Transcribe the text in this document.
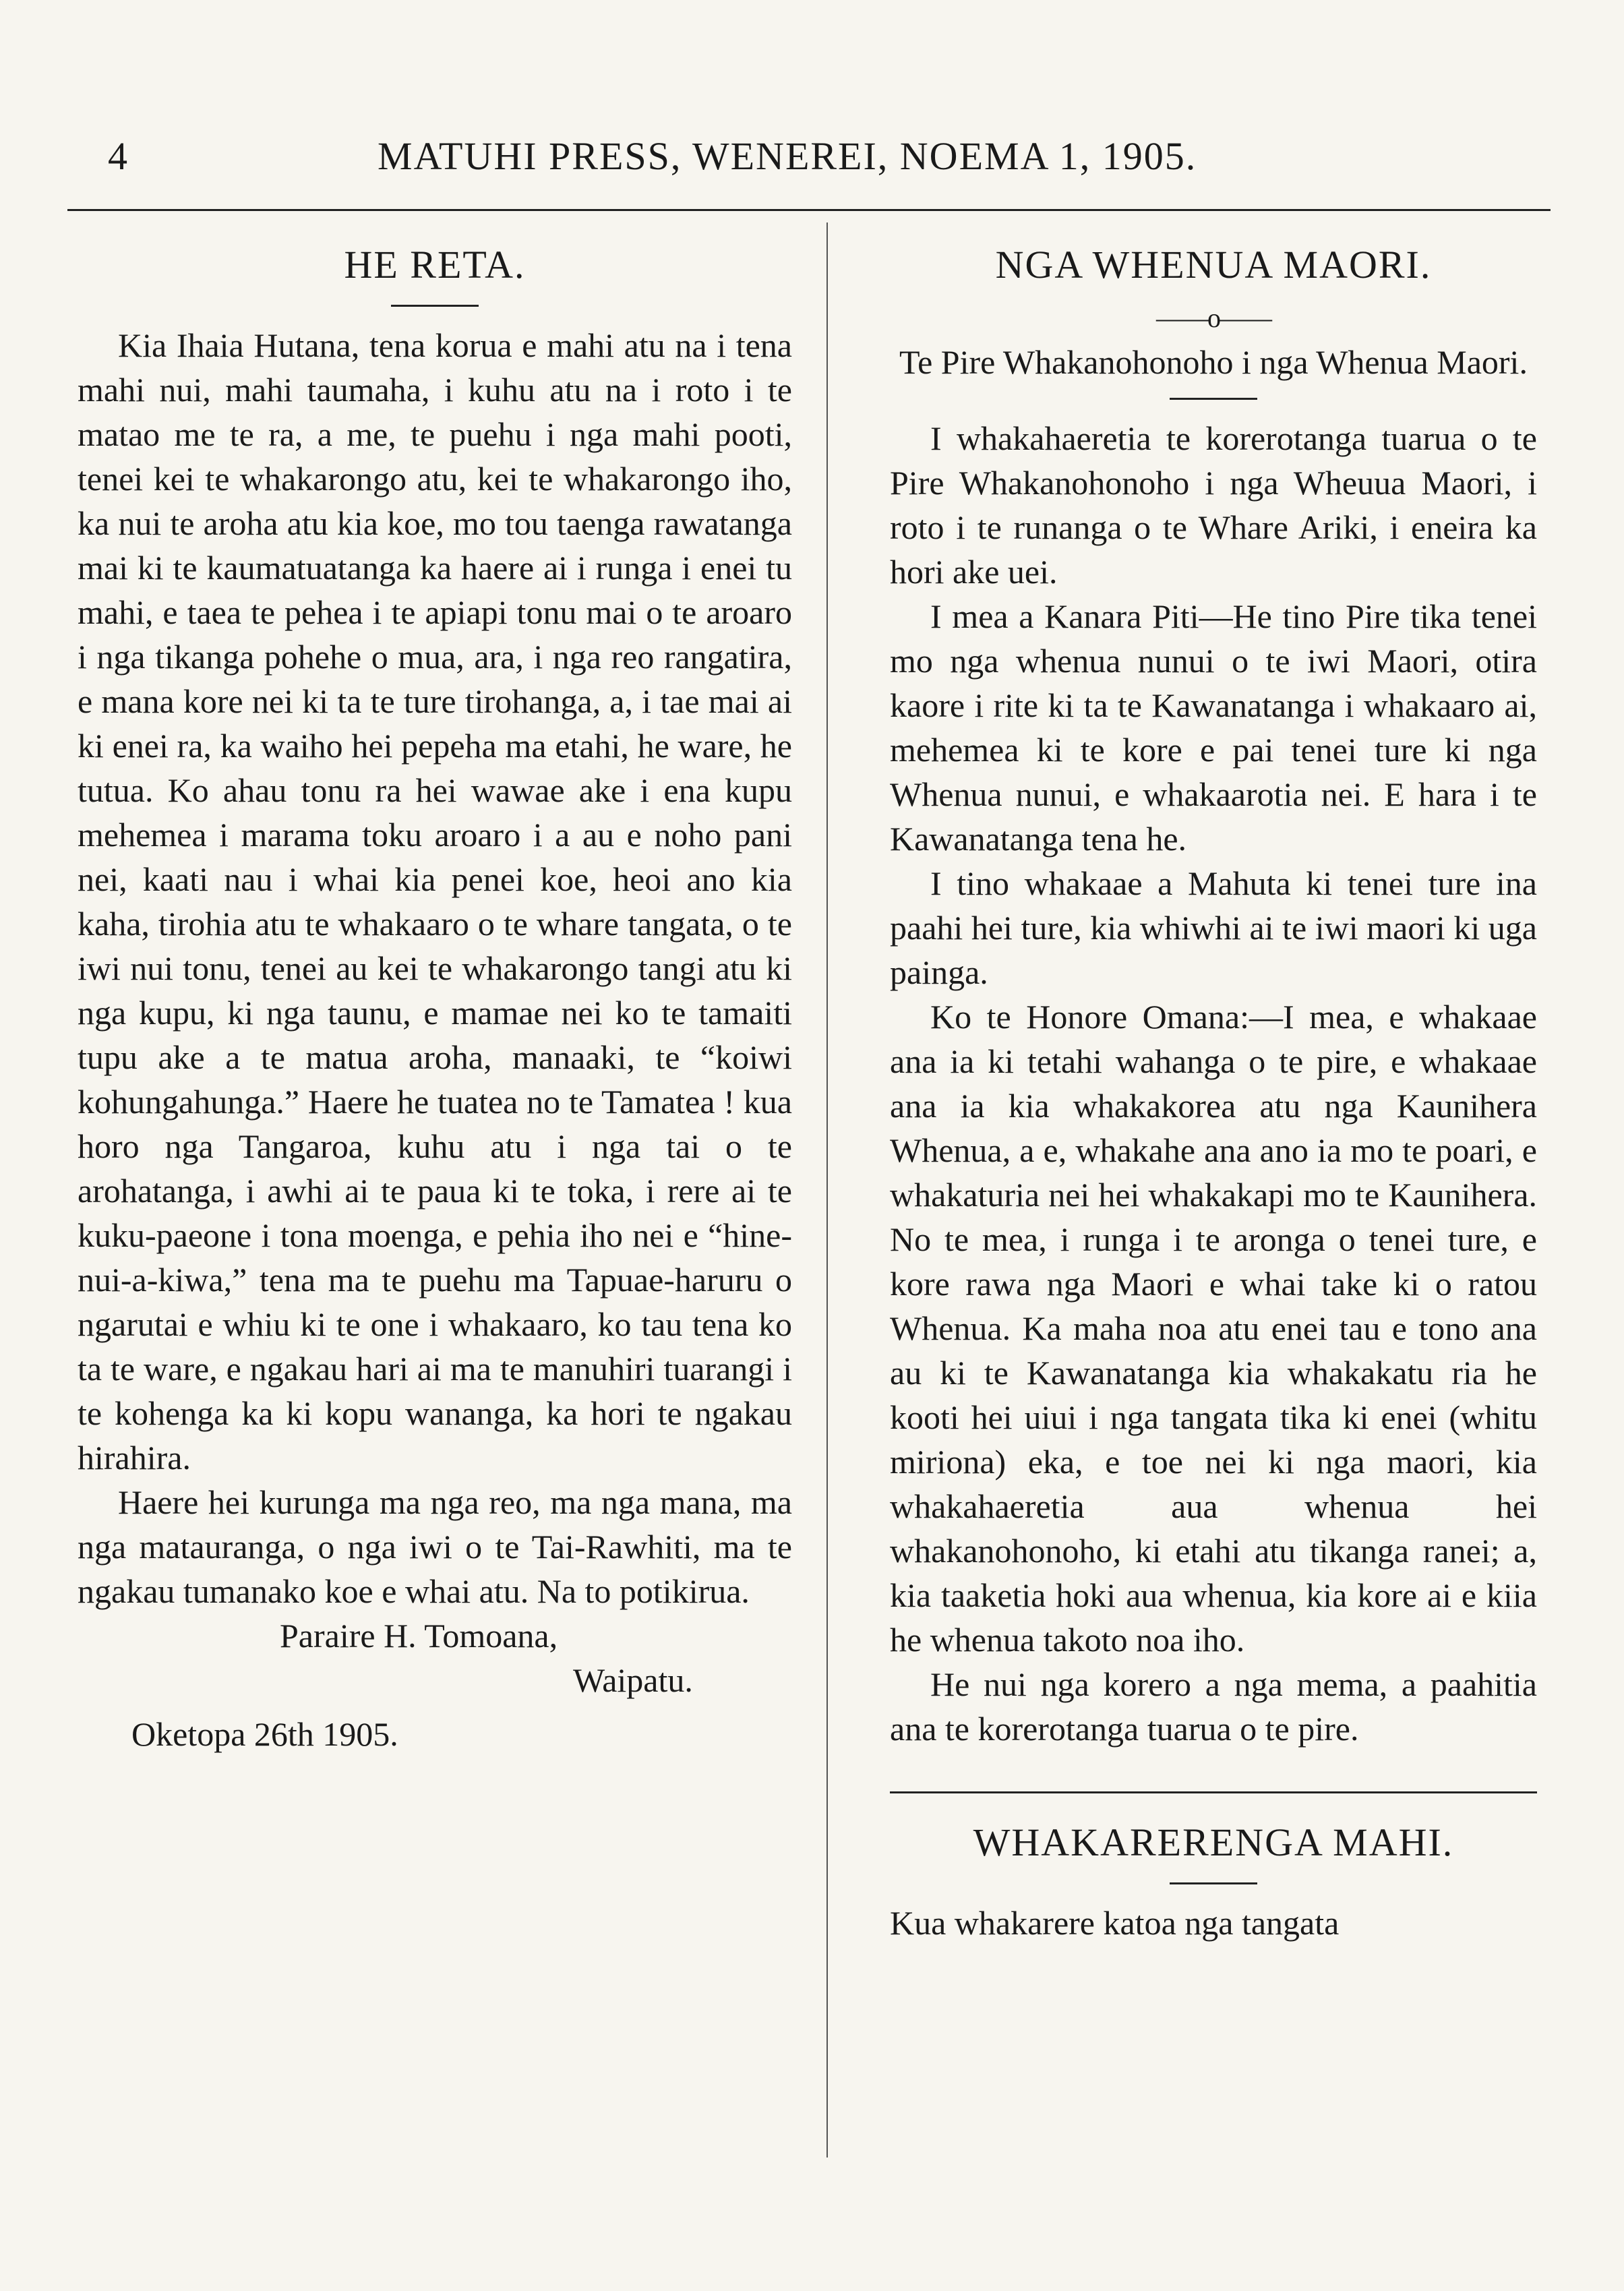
4	MATUHI PRESS, WENEREI, NOEMA 1, 1905.
HE RETA.

Kia Ihaia Hutana, tena korua e mahi atu na i tena mahi nui, mahi taumaha, i kuhu atu na i roto i te matao me te ra, a me, te puehu i nga mahi pooti, tenei kei te whakarongo atu, kei te whakarongo iho, ka nui te aroha atu kia koe, mo tou taenga rawatanga mai ki te kaumatuatanga ka haere ai i runga i enei tu mahi, e taea te pehea i te apiapi tonu mai o te aroaro i nga tikanga pohehe o mua, ara, i nga reo rangatira, e mana kore nei ki ta te ture tirohanga, a, i tae mai ai ki enei ra, ka waiho hei pepeha ma etahi, he ware, he tutua. Ko ahau tonu ra hei wawae ake i ena kupu mehemea i marama toku aroaro i a au e noho pani nei, kaati nau i whai kia penei koe, heoi ano kia kaha, tirohia atu te whakaaro o te whare tangata, o te iwi nui tonu, tenei au kei te whakarongo tangi atu ki nga kupu, ki nga taunu, e mamae nei ko te tamaiti tupu ake a te matua aroha, manaaki, te “koiwi kohungahunga.” Haere he tuatea no te Tamatea ! kua horo nga Tangaroa, kuhu atu i nga tai o te arohatanga, i awhi ai te paua ki te toka, i rere ai te kuku-paeone i tona moenga, e pehia iho nei e “hine-nui-a-kiwa,” tena ma te puehu ma Tapuae-haruru o ngarutai e whiu ki te one i whakaaro, ko tau tena ko ta te ware, e ngakau hari ai ma te manuhiri tuarangi i te kohenga ka ki kopu wananga, ka hori te ngakau hirahira.

Haere hei kurunga ma nga reo, ma nga mana, ma nga matauranga, o nga iwi o te Tai-Rawhiti, ma te ngakau tumanako koe e whai atu. Na to potikirua.

Paraire H. Tomoana,
Waipatu.
Oketopa 26th 1905.
NGA WHENUA MAORI.
——o——
Te Pire Whakanohonoho i nga Whenua Maori.

I whakahaeretia te korerotanga tuarua o te Pire Whakanohonoho i nga Wheuua Maori, i roto i te runanga o te Whare Ariki, i eneira ka hori ake uei.

I mea a Kanara Piti—He tino Pire tika tenei mo nga whenua nunui o te iwi Maori, otira kaore i rite ki ta te Kawanatanga i whakaaro ai, mehemea ki te kore e pai tenei ture ki nga Whenua nunui, e whakaarotia nei. E hara i te Kawanatanga tena he.

I tino whakaae a Mahuta ki tenei ture ina paahi hei ture, kia whiwhi ai te iwi maori ki uga painga.

Ko te Honore Omana:—I mea, e whakaae ana ia ki tetahi wahanga o te pire, e whakaae ana ia kia whakakorea atu nga Kaunihera Whenua, a e, whakahe ana ano ia mo te poari, e whakaturia nei hei whakakapi mo te Kaunihera. No te mea, i runga i te aronga o tenei ture, e kore rawa nga Maori e whai take ki o ratou Whenua. Ka maha noa atu enei tau e tono ana au ki te Kawanatanga kia whakakatu ria he kooti hei uiui i nga tangata tika ki enei (whitu miriona) eka, e toe nei ki nga maori, kia whakahaeretia aua whenua hei whakanohonoho, ki etahi atu tikanga ranei; a, kia taaketia hoki aua whenua, kia kore ai e kiia he whenua takoto noa iho.

He nui nga korero a nga mema, a paahitia ana te korerotanga tuarua o te pire.

WHAKARERENGA MAHI.

Kua whakarere katoa nga tangata
